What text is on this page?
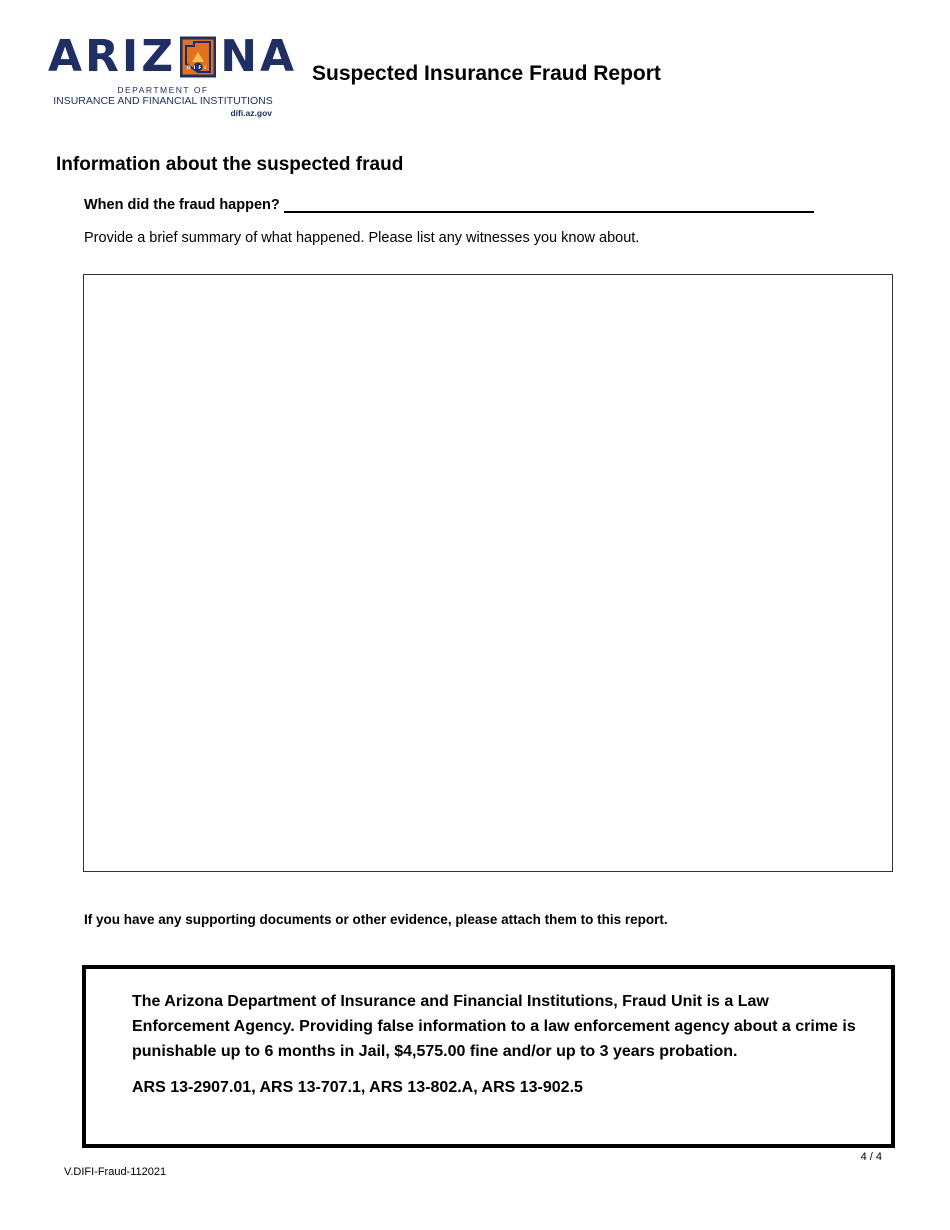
ARIZ DIFI NA
DEPARTMENT OF
INSURANCE AND FINANCIAL INSTITUTIONS
difi.az.gov
Suspected Insurance Fraud Report
Information about the suspected fraud
When did the fraud happen?
Provide a brief summary of what happened. Please list any witnesses you know about.
If you have any supporting documents or other evidence, please attach them to this report.

The Arizona Department of Insurance and Financial Institutions, Fraud Unit is a Law Enforcement Agency. Providing false information to a law enforcement agency about a crime is punishable up to 6 months in Jail, $4,575.00 fine and/or up to 3 years probation.

ARS 13-2907.01, ARS 13-707.1, ARS 13-802.A, ARS 13-902.5

4 / 4
V.DIFI-Fraud-112021
